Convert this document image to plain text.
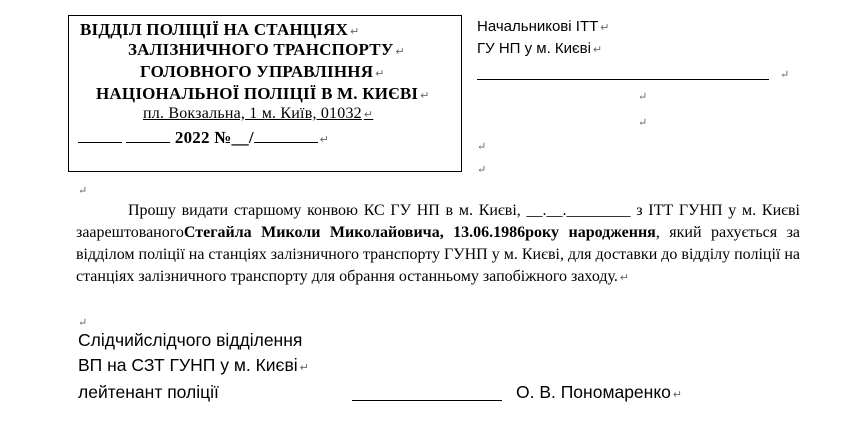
ВІДДІЛ ПОЛІЦІЇ НА СТАНЦІЯХ ↵
ЗАЛІЗНИЧНОГО ТРАНСПОРТУ ↵
ГОЛОВНОГО УПРАВЛІННЯ ↵
НАЦІОНАЛЬНОЇ ПОЛІЦІЇ В М. КИЄВІ ↵
пл. Вокзальна, 1 м. Київ, 01032 ↵
2022 №__/	↵
Начальникові ІТТ ↵
ГУ НП у м. Києві ↵
↵
↵
↵
↵
↵
↵

Прошу видати старшому конвою КС ГУ НП в м. Києві, __.__.________ з ІТТ ГУНП у м. Києві заарештованогоСтегайла Миколи Миколайовича, 13.06.1986року народження, який рахується за відділом поліції на станціях залізничного транспорту ГУНП у м. Києві, для доставки до відділу поліції на станціях залізничного транспорту для обрання останньому запобіжного заходу. ↵

↵
Слідчийслідчого відділення
ВП на СЗТ ГУНП у м. Києві ↵
лейтенант поліції	О. В. Пономаренко ↵
